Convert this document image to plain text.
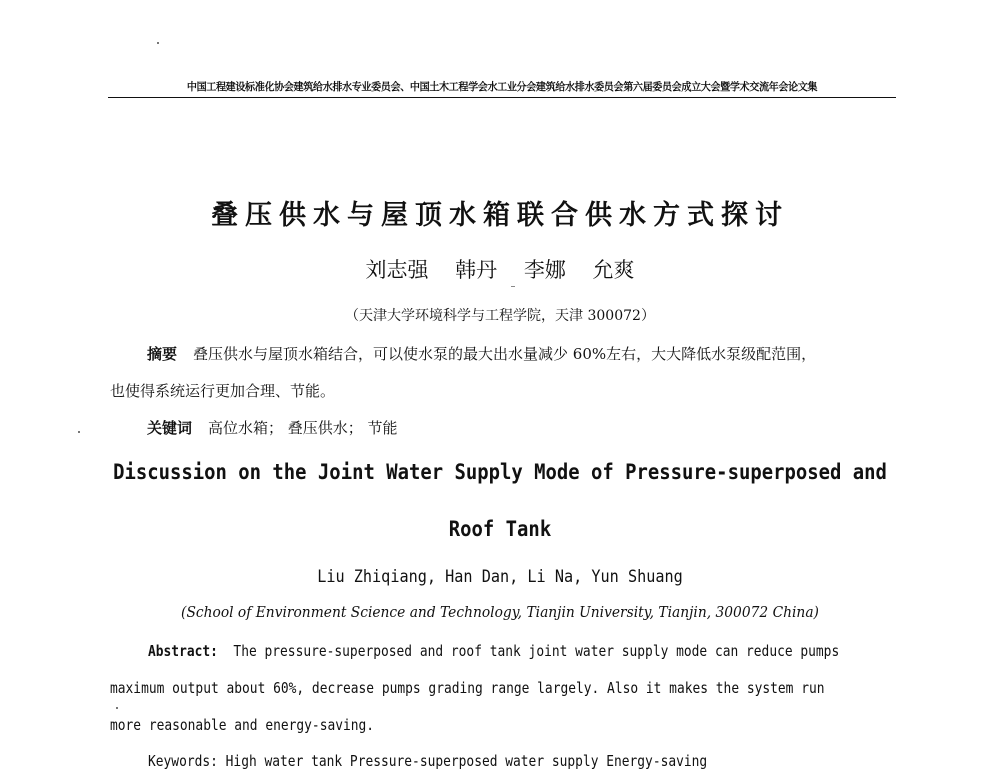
中国工程建设标准化协会建筑给水排水专业委员会、中国土木工程学会水工业分会建筑给水排水委员会第六届委员会成立大会暨学术交流年会论文集
叠压供水与屋顶水箱联合供水方式探讨
刘志强 韩丹 李娜 允爽
（天津大学环境科学与工程学院，天津 300072）
摘要 叠压供水与屋顶水箱结合，可以使水泵的最大出水量减少 60%左右，大大降低水泵级配范围，
也使得系统运行更加合理、节能。
关键词 高位水箱； 叠压供水； 节能
Discussion on the Joint Water Supply Mode of Pressure-superposed and
Roof Tank
Liu Zhiqiang, Han Dan, Li Na, Yun Shuang
(School of Environment Science and Technology, Tianjin University, Tianjin, 300072 China)
Abstract: The pressure-superposed and roof tank joint water supply mode can reduce pumps
maximum output about 60%, decrease pumps grading range largely. Also it makes the system run
more reasonable and energy-saving.
Keywords: High water tank Pressure-superposed water supply Energy-saving
